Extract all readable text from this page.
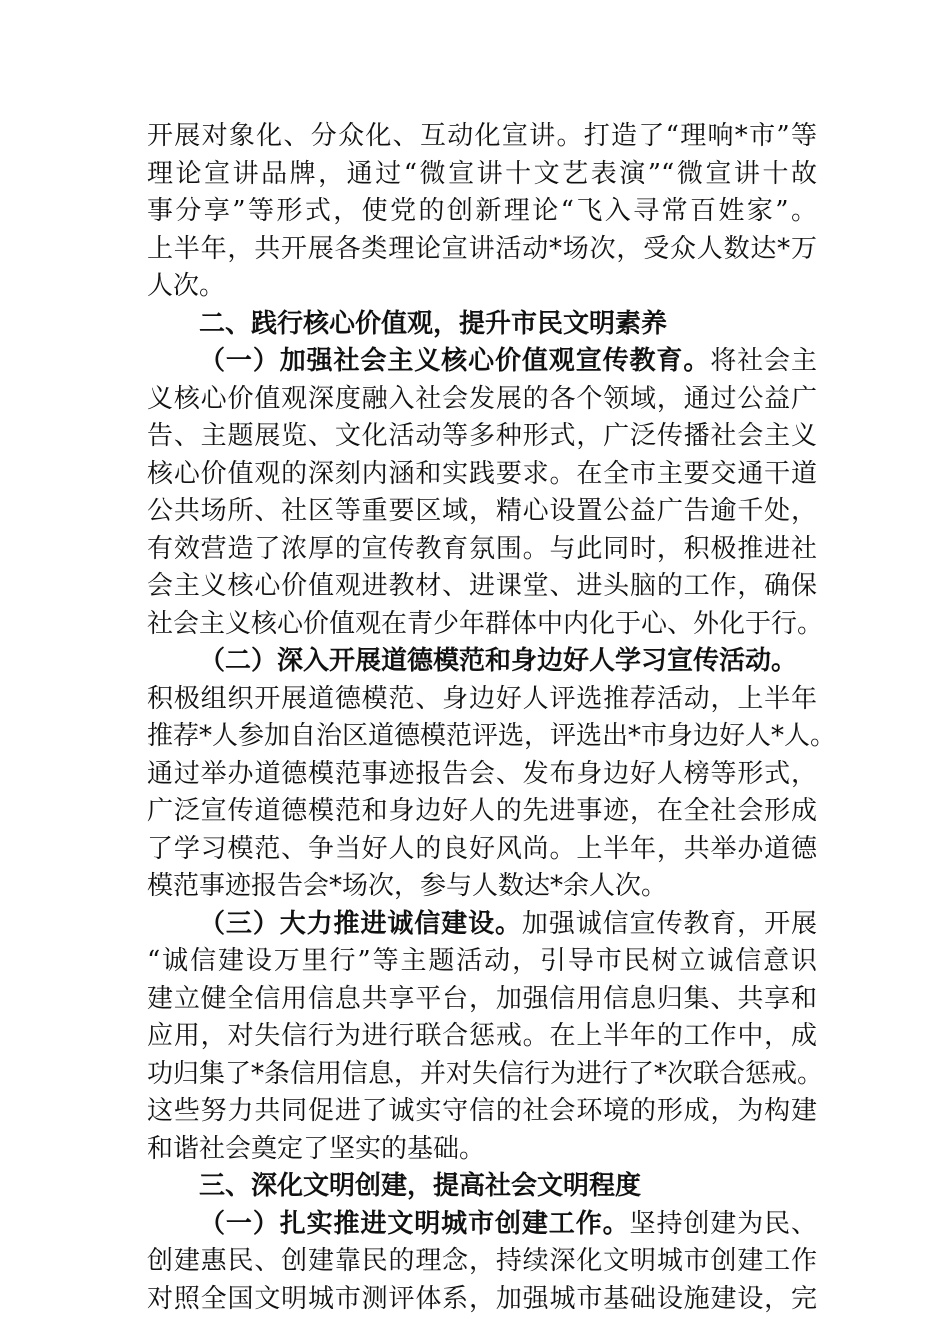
开展对象化、分众化、互动化宣讲。打造了“理响*市”等
理论宣讲品牌，通过“微宣讲十文艺表演”“微宣讲十故
事分享”等形式，使党的创新理论“飞入寻常百姓家”。
上半年，共开展各类理论宣讲活动*场次，受众人数达*万
人次。
二、践行核心价值观，提升市民文明素养
（一）加强社会主义核心价值观宣传教育。将社会主
义核心价值观深度融入社会发展的各个领域，通过公益广
告、主题展览、文化活动等多种形式，广泛传播社会主义
核心价值观的深刻内涵和实践要求。在全市主要交通干道
公共场所、社区等重要区域，精心设置公益广告逾千处，
有效营造了浓厚的宣传教育氛围。与此同时，积极推进社
会主义核心价值观进教材、进课堂、进头脑的工作，确保
社会主义核心价值观在青少年群体中内化于心、外化于行。
（二）深入开展道德模范和身边好人学习宣传活动。
积极组织开展道德模范、身边好人评选推荐活动，上半年
推荐*人参加自治区道德模范评选，评选出*市身边好人*人。
通过举办道德模范事迹报告会、发布身边好人榜等形式，
广泛宣传道德模范和身边好人的先进事迹，在全社会形成
了学习模范、争当好人的良好风尚。上半年，共举办道德
模范事迹报告会*场次，参与人数达*余人次。
（三）大力推进诚信建设。加强诚信宣传教育，开展
“诚信建设万里行”等主题活动，引导市民树立诚信意识
建立健全信用信息共享平台，加强信用信息归集、共享和
应用，对失信行为进行联合惩戒。在上半年的工作中，成
功归集了*条信用信息，并对失信行为进行了*次联合惩戒。
这些努力共同促进了诚实守信的社会环境的形成，为构建
和谐社会奠定了坚实的基础。
三、深化文明创建，提高社会文明程度
（一）扎实推进文明城市创建工作。坚持创建为民、
创建惠民、创建靠民的理念，持续深化文明城市创建工作
对照全国文明城市测评体系，加强城市基础设施建设，完
